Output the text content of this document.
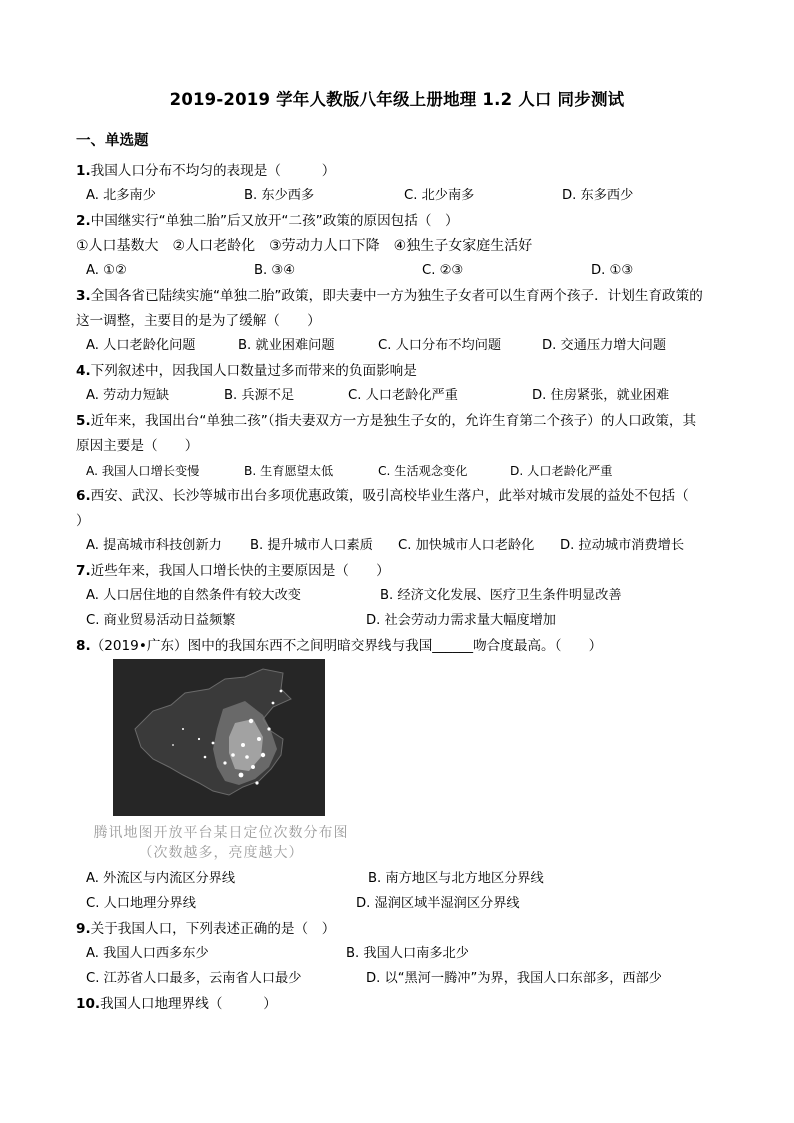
2019-2019 学年人教版八年级上册地理 1.2 人口 同步测试
一、单选题
1.我国人口分布不均匀的表现是（　　　）
A. 北多南少	B. 东少西多	C. 北少南多	D. 东多西少
2.中国继实行“单独二胎”后又放开“二孩”政策的原因包括（　）
①人口基数大　②人口老龄化　③劳动力人口下降　④独生子女家庭生活好
A. ①②	B. ③④	C. ②③	D. ①③
3.全国各省已陆续实施“单独二胎”政策，即夫妻中一方为独生子女者可以生育两个孩子．计划生育政策的
这一调整，主要目的是为了缓解（　　）
A. 人口老龄化问题	B. 就业困难问题	C. 人口分布不均问题	D. 交通压力增大问题
4.下列叙述中，因我国人口数量过多而带来的负面影响是
A. 劳动力短缺	B. 兵源不足	C. 人口老龄化严重	D. 住房紧张，就业困难
5.近年来，我国出台“单独二孩”（指夫妻双方一方是独生子女的，允许生育第二个孩子）的人口政策，其
原因主要是（　　）
A. 我国人口增长变慢	B. 生育愿望太低	C. 生活观念变化	D. 人口老龄化严重
6.西安、武汉、长沙等城市出台多项优惠政策，吸引高校毕业生落户，此举对城市发展的益处不包括（
）
A. 提高城市科技创新力 B. 提升城市人口素质 C. 加快城市人口老龄化 D. 拉动城市消费增长
7.近些年来，我国人口增长快的主要原因是（　　）
A. 人口居住地的自然条件有较大改变	B. 经济文化发展、医疗卫生条件明显改善
C. 商业贸易活动日益频繁	D. 社会劳动力需求量大幅度增加
8.（2019•广东）图中的我国东西不之间明暗交界线与我国______吻合度最高。（　　）
腾讯地图开放平台某日定位次数分布图
（次数越多，亮度越大）
A. 外流区与内流区分界线	B. 南方地区与北方地区分界线
C. 人口地理分界线	D. 湿润区域半湿润区分界线
9.关于我国人口，下列表述正确的是（　）
A. 我国人口西多东少	B. 我国人口南多北少
C. 江苏省人口最多，云南省人口最少	D. 以“黑河一腾冲”为界，我国人口东部多，西部少
10.我国人口地理界线（　　　）
